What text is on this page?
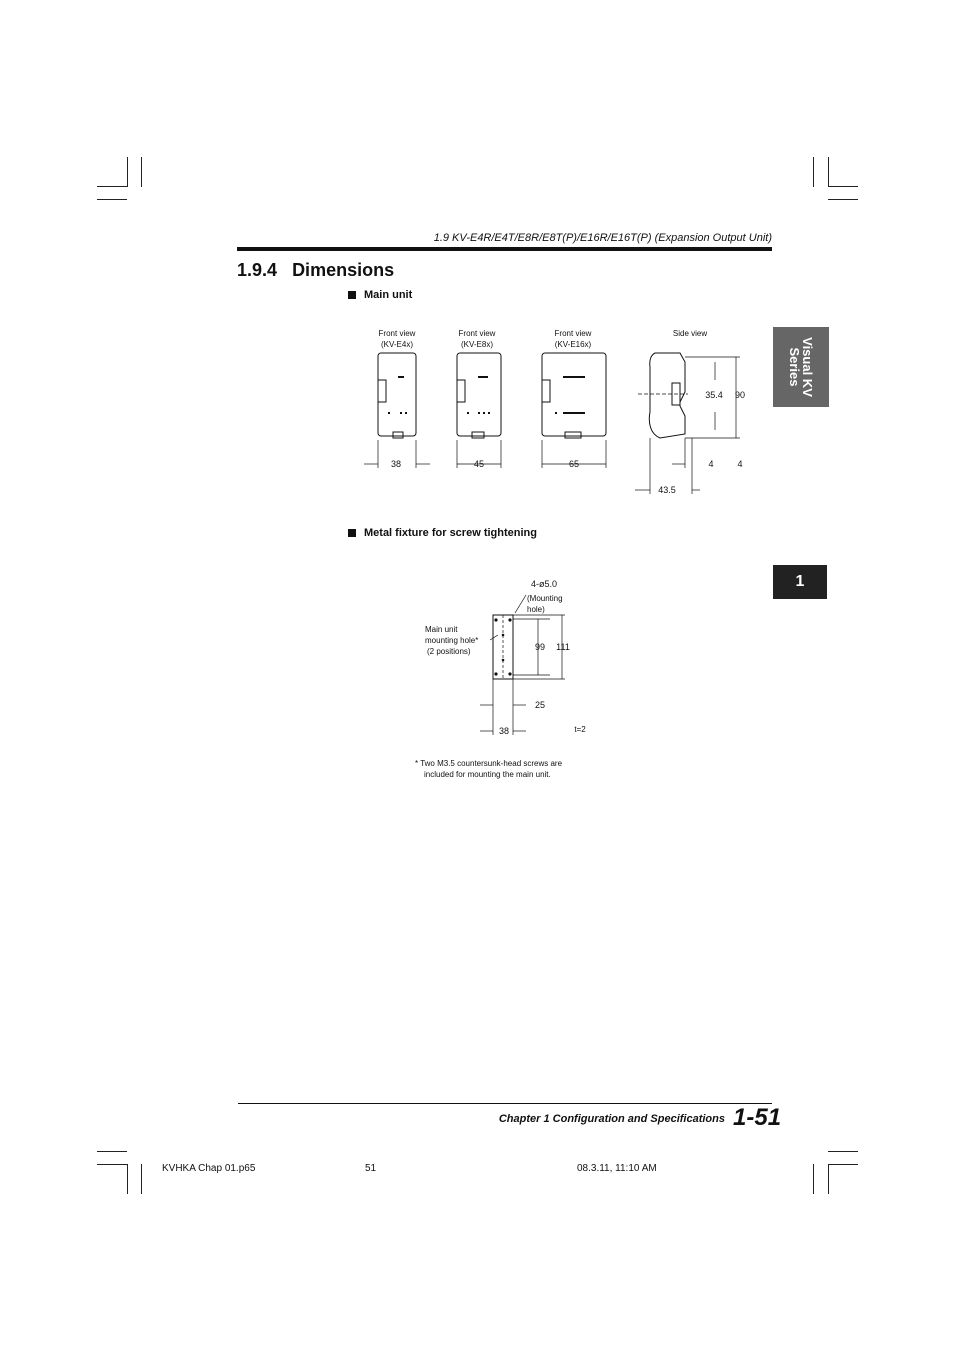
1.9 KV-E4R/E4T/E8R/E8T(P)/E16R/E16T(P) (Expansion Output Unit)
1.9.4 Dimensions
Main unit
Front view
(KV-E4x)
Front view
(KV-E8x)
Front view
(KV-E16x)
Side view
38	45	65
35.4 90
4	4
43.5
Metal fixture for screw tightening
4-ø5.0
(Mounting
hole)
Main unit
mounting hole*
(2 positions)	99 111
25
38	t=2
* Two M3.5 countersunk-head screws are
included for mounting the main unit.
Visual KV
Series
1
Chapter 1 Configuration and Specifications 1-51
KVHKA Chap 01.p65	51	08.3.11, 11:10 AM
